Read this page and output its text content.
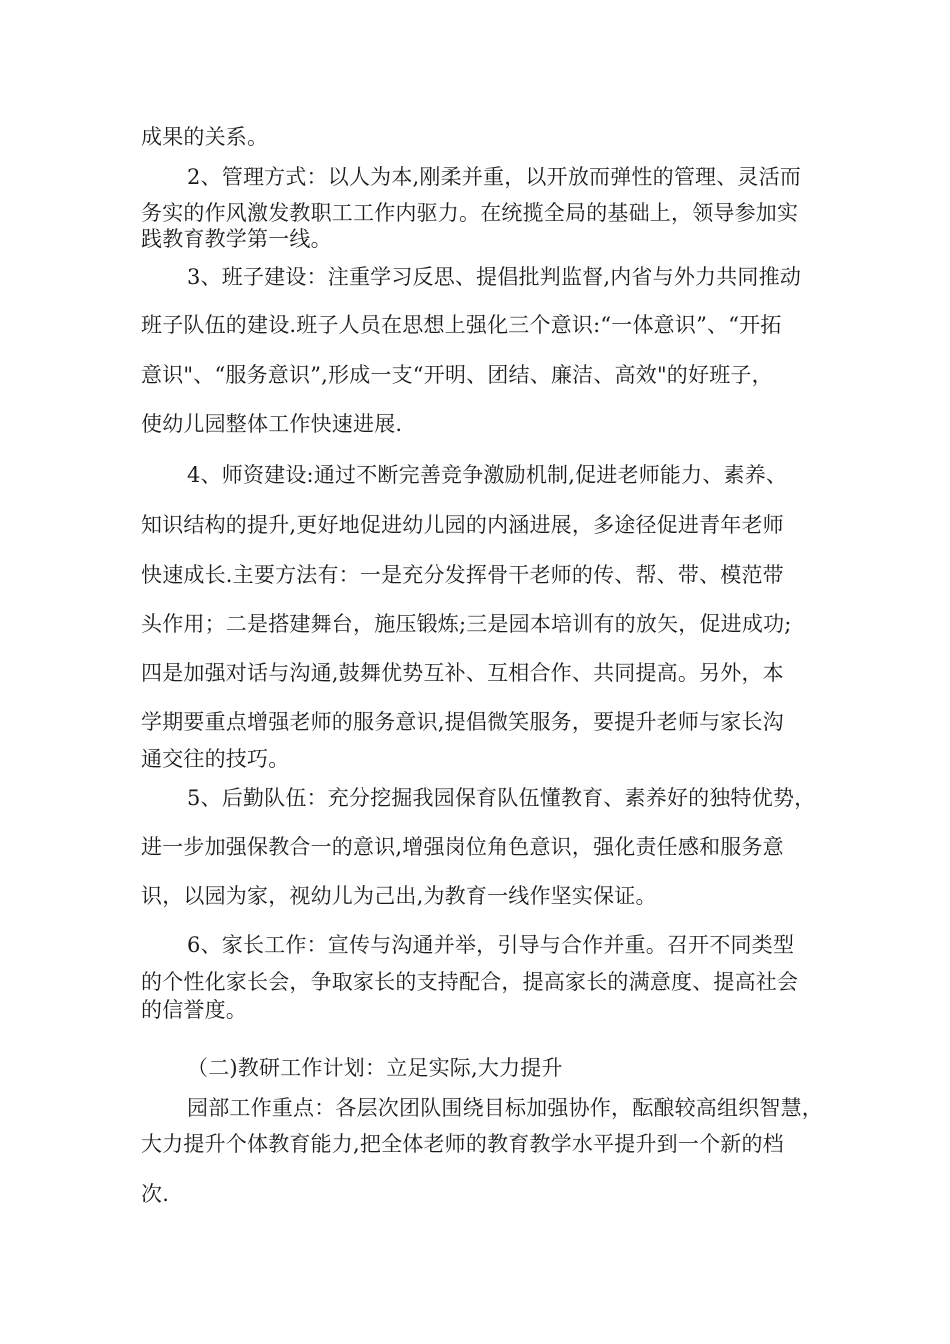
成果的关系。
2、管理方式：以人为本,刚柔并重，以开放而弹性的管理、灵活而
务实的作风激发教职工工作内驱力。在统揽全局的基础上，领导参加实
践教育教学第一线。
3、班子建设：注重学习反思、提倡批判监督,内省与外力共同推动
班子队伍的建设.班子人员在思想上强化三个意识:“一体意识”、“开拓
意识"、“服务意识”,形成一支“开明、团结、廉洁、高效"的好班子，
使幼儿园整体工作快速进展.
4、师资建设:通过不断完善竞争激励机制,促进老师能力、素养、
知识结构的提升,更好地促进幼儿园的内涵进展，多途径促进青年老师
快速成长.主要方法有：一是充分发挥骨干老师的传、帮、带、模范带
头作用；二是搭建舞台，施压锻炼;三是园本培训有的放矢，促进成功;
四是加强对话与沟通,鼓舞优势互补、互相合作、共同提高。另外，本
学期要重点增强老师的服务意识,提倡微笑服务，要提升老师与家长沟
通交往的技巧。
5、后勤队伍：充分挖掘我园保育队伍懂教育、素养好的独特优势，
进一步加强保教合一的意识,增强岗位角色意识，强化责任感和服务意
识，以园为家，视幼儿为己出,为教育一线作坚实保证。
6、家长工作：宣传与沟通并举，引导与合作并重。召开不同类型
的个性化家长会，争取家长的支持配合，提高家长的满意度、提高社会
的信誉度。
（二)教研工作计划：立足实际,大力提升
园部工作重点：各层次团队围绕目标加强协作，酝酿较高组织智慧，
大力提升个体教育能力,把全体老师的教育教学水平提升到一个新的档
次.
